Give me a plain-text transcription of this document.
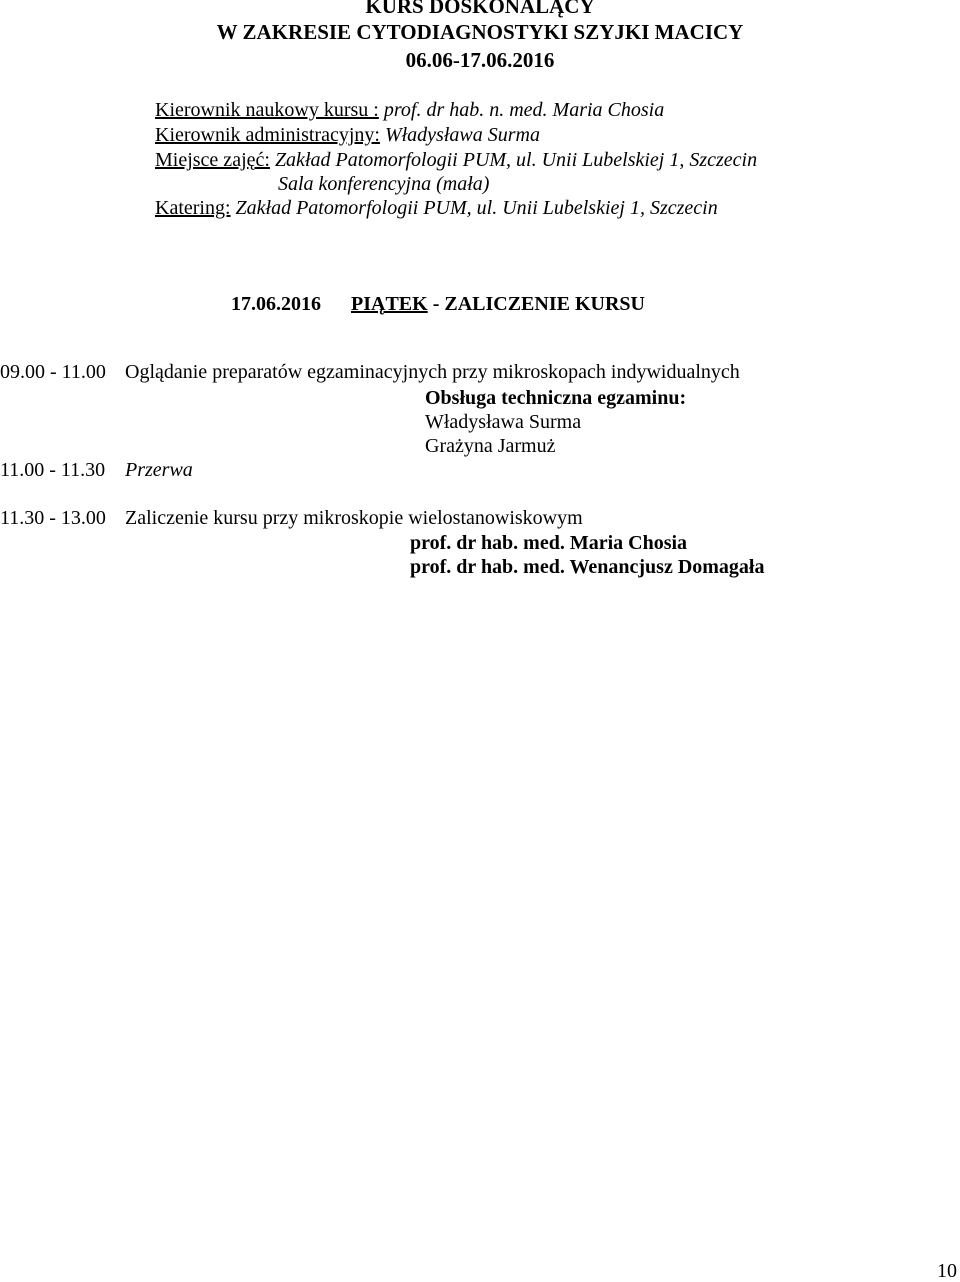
KURS DOSKONALĄCY
W ZAKRESIE CYTODIAGNOSTYKI SZYJKI MACICY
06.06-17.06.2016
Kierownik naukowy kursu : prof. dr hab. n. med. Maria Chosia
Kierownik administracyjny: Władysława Surma
Miejsce zajęć: Zakład Patomorfologii PUM, ul. Unii Lubelskiej 1, Szczecin
Sala konferencyjna (mała)
Katering: Zakład Patomorfologii PUM, ul. Unii Lubelskiej 1, Szczecin
17.06.2016 PIĄTEK - ZALICZENIE KURSU
09.00 - 11.00 Oglądanie preparatów egzaminacyjnych przy mikroskopach indywidualnych
Obsługa techniczna egzaminu:
Władysława Surma
Grażyna Jarmuż
11.00 - 11.30 Przerwa
11.30 - 13.00 Zaliczenie kursu przy mikroskopie wielostanowiskowym
prof. dr hab. med. Maria Chosia
prof. dr hab. med. Wenancjusz Domagała
10
